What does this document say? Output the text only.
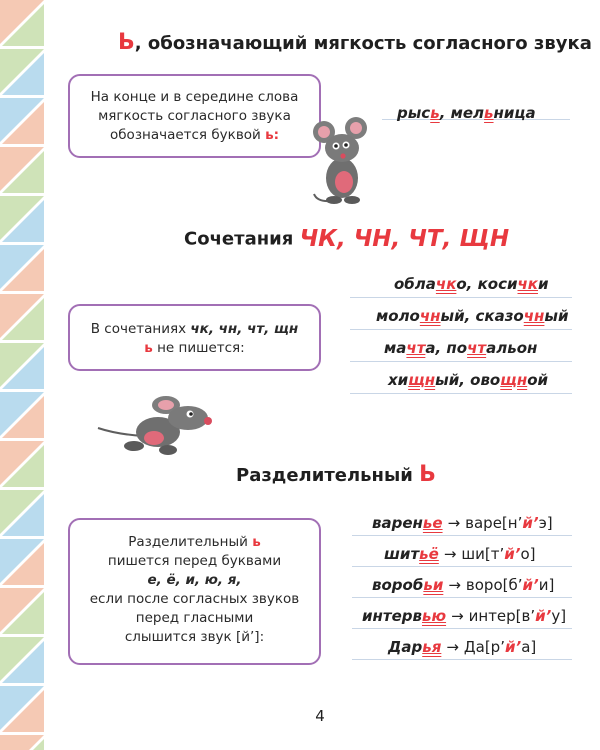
Ь, обозначающий мягкость согласного звука
На конце и в середине слова
мягкость согласного звука
обозначается буквой ь:
рысь, мельница
Сочетания ЧК, ЧН, ЧТ, ЩН
облачко, косички
молочный, сказочный
мачта, почтальон
хищный, овощной
В сочетаниях чк, чн, чт, щн
ь не пишется:
Разделительный Ь
Разделительный ь
пишется перед буквами
е, ё, и, ю, я,
если после согласных звуков
перед гласными
слышится звук [й’]:
варенье → варе[н’й’э]
шитьё → ши[т’й’о]
воробьи → воро[б’й’и]
интервью → интер[в’й’у]
Дарья → Да[р’й’а]
4
